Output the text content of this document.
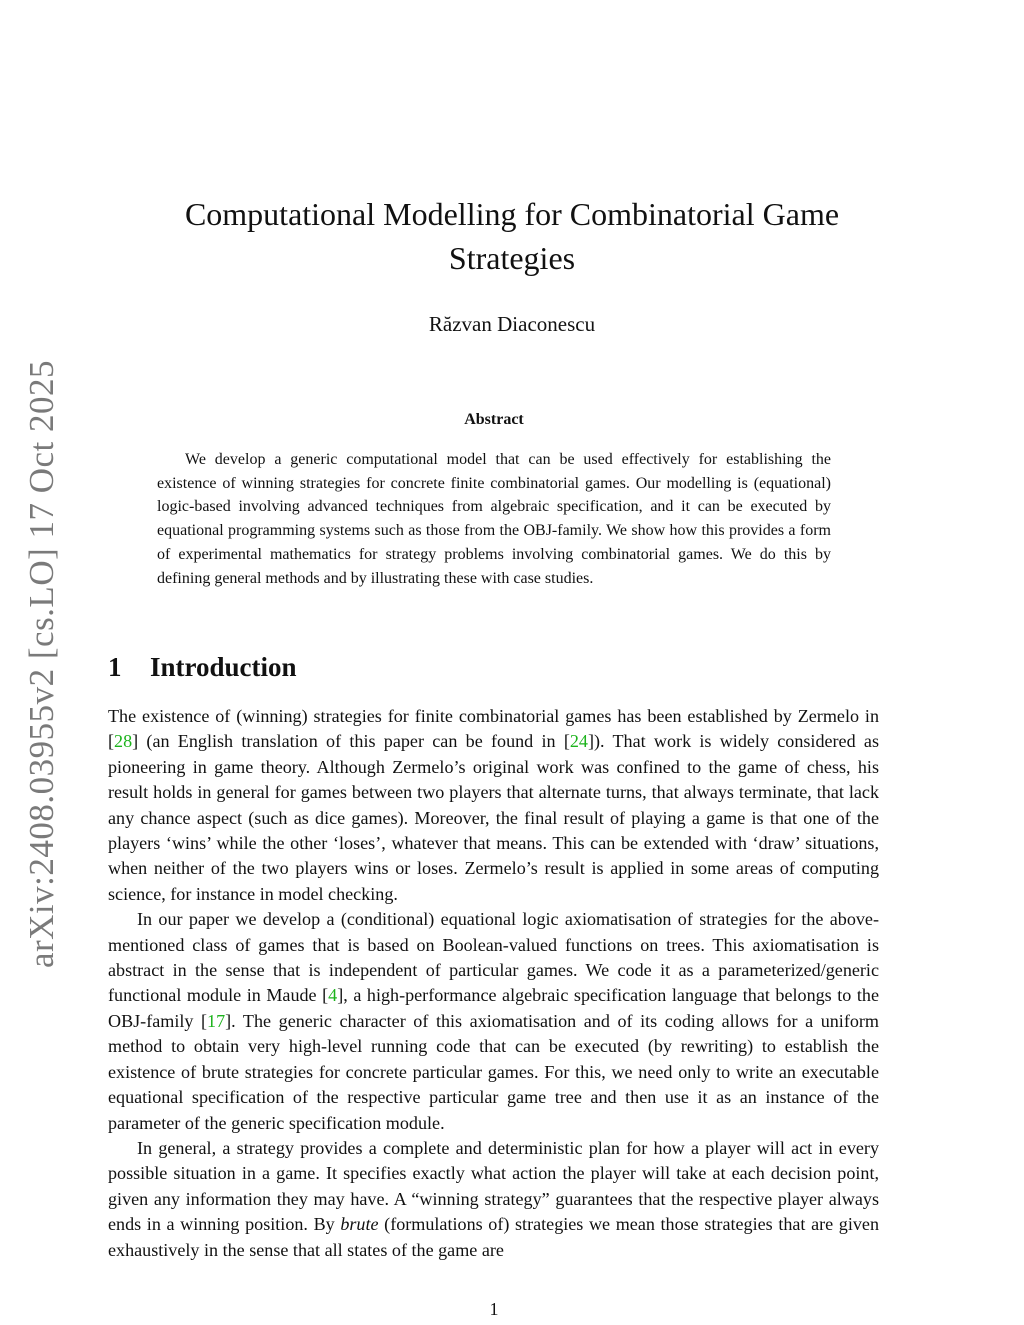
arXiv:2408.03955v2 [cs.LO] 17 Oct 2025
Computational Modelling for Combinatorial Game
Strategies
Răzvan Diaconescu
Abstract

We develop a generic computational model that can be used effectively for establishing the existence of winning strategies for concrete finite combinatorial games. Our modelling is (equational) logic-based involving advanced techniques from algebraic specification, and it can be executed by equational programming systems such as those from the OBJ-family. We show how this provides a form of experimental mathematics for strategy problems involving combinatorial games. We do this by defining general methods and by illustrating these with case studies.

1 Introduction

The existence of (winning) strategies for finite combinatorial games has been established by Zermelo in [28] (an English translation of this paper can be found in [24]). That work is widely considered as pioneering in game theory. Although Zermelo’s original work was confined to the game of chess, his result holds in general for games between two players that alternate turns, that always terminate, that lack any chance aspect (such as dice games). Moreover, the final result of playing a game is that one of the players ‘wins’ while the other ‘loses’, whatever that means. This can be extended with ‘draw’ situations, when neither of the two players wins or loses. Zermelo’s result is applied in some areas of computing science, for instance in model checking.

In our paper we develop a (conditional) equational logic axiomatisation of strategies for the above-mentioned class of games that is based on Boolean-valued functions on trees. This axiomatisation is abstract in the sense that is independent of particular games. We code it as a parameterized/generic functional module in Maude [4], a high-performance algebraic specification language that belongs to the OBJ-family [17]. The generic character of this axiomatisation and of its coding allows for a uniform method to obtain very high-level running code that can be executed (by rewriting) to establish the existence of brute strategies for concrete particular games. For this, we need only to write an executable equational specification of the respective particular game tree and then use it as an instance of the parameter of the generic specification module.

In general, a strategy provides a complete and deterministic plan for how a player will act in every possible situation in a game. It specifies exactly what action the player will take at each decision point, given any information they may have. A “winning strategy” guarantees that the respective player always ends in a winning position. By brute (formulations of) strategies we mean those strategies that are given exhaustively in the sense that all states of the game are

1
